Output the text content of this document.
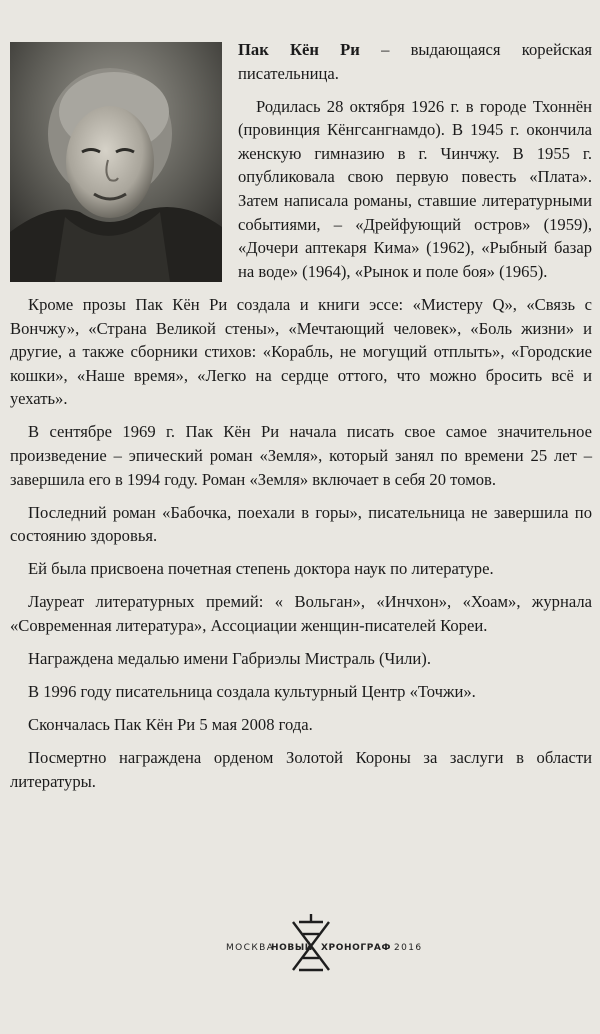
Пак Кён Ри – выдающаяся корейская писательница.

Родилась 28 октября 1926 г. в городе Тхоннён (провинция Кёнгсангнамдо). В 1945 г. окончила женскую гимназию в г. Чинчжу. В 1955 г. опубликовала свою первую повесть «Плата». Затем написала романы, ставшие литературными событиями, – «Дрейфующий остров» (1959), «Дочери аптекаря Кима» (1962), «Рыбный базар на воде» (1964), «Рынок и поле боя» (1965).

Кроме прозы Пак Кён Ри создала и книги эссе: «Мистеру Q», «Связь с Вончжу», «Страна Великой стены», «Мечтающий человек», «Боль жизни» и другие, а также сборники стихов: «Корабль, не могущий отплыть», «Городские кошки», «Наше время», «Легко на сердце оттого, что можно бросить всё и уехать».

В сентябре 1969 г. Пак Кён Ри начала писать свое самое значительное произведение – эпический роман «Земля», который занял по времени 25 лет – завершила его в 1994 году. Роман «Земля» включает в себя 20 томов.

Последний роман «Бабочка, поехали в горы», писательница не завершила по состоянию здоровья.

Ей была присвоена почетная степень доктора наук по литературе.

Лауреат литературных премий: « Вольган», «Инчхон», «Хоам», журнала «Современная литература», Ассоциации женщин-писателей Кореи.

Награждена медалью имени Габриэлы Мистраль (Чили).

В 1996 году писательница создала культурный Центр «Точжи».

Скончалась Пак Кён Ри 5 мая 2008 года.

Посмертно награждена орденом Золотой Короны за заслуги в области литературы.

МОСКВА
НОВЫЙ ХРОНОГРАФ 2016
